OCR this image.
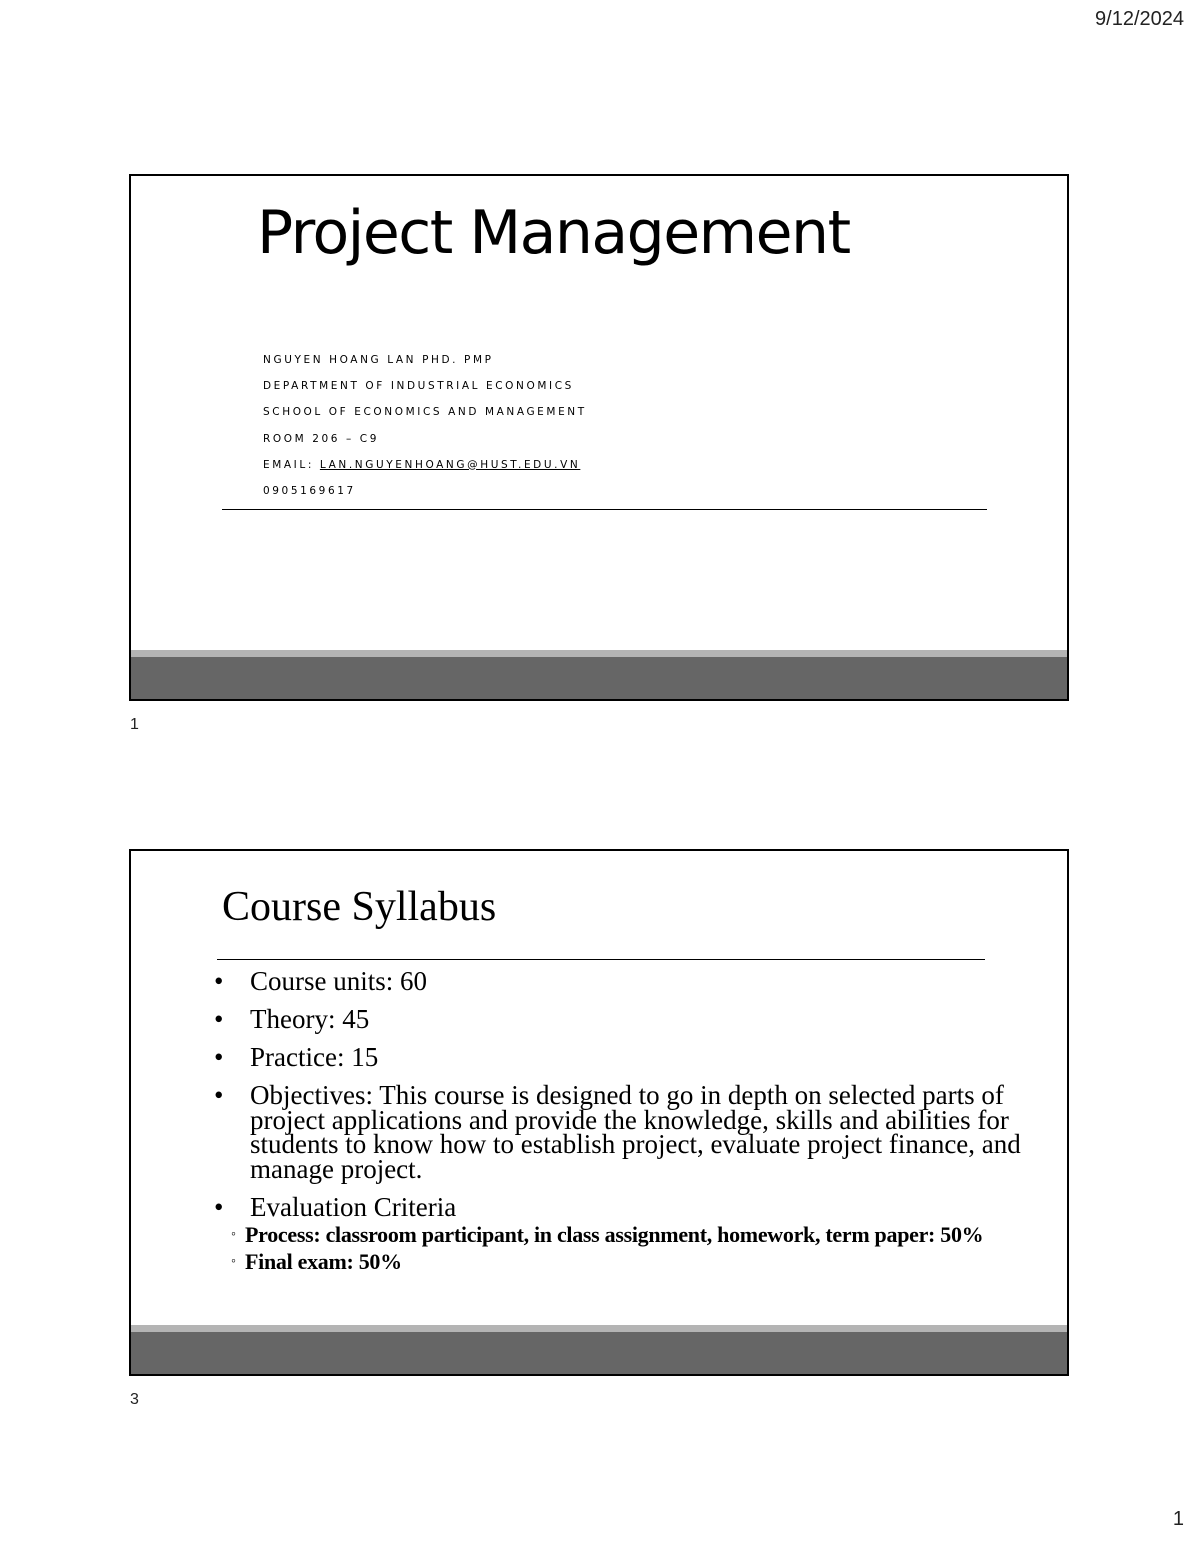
9/12/2024
Project Management
NGUYEN HOANG LAN PHD. PMP
DEPARTMENT OF INDUSTRIAL ECONOMICS
SCHOOL OF ECONOMICS AND MANAGEMENT
ROOM 206 – C9
EMAIL: LAN.NGUYENHOANG@HUST.EDU.VN
0905169617
1
Course Syllabus
• Course units: 60
• Theory: 45
• Practice: 15
• Objectives: This course is designed to go in depth on selected parts of project applications and provide the knowledge, skills and abilities for students to know how to establish project, evaluate project finance, and manage project.
• Evaluation Criteria
◦ Process: classroom participant, in class assignment, homework, term paper: 50%
◦ Final exam: 50%
3
1
